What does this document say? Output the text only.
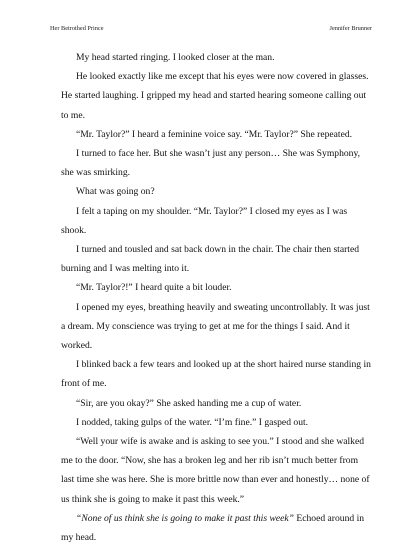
Her Betrothed Prince	Jennifer Brunner

My head started ringing. I looked closer at the man.

He looked exactly like me except that his eyes were now covered in glasses. He started laughing. I gripped my head and started hearing someone calling out to me.

“Mr. Taylor?” I heard a feminine voice say. “Mr. Taylor?” She repeated.

I turned to face her. But she wasn’t just any person… She was Symphony, she was smirking.

What was going on?

I felt a taping on my shoulder. “Mr. Taylor?” I closed my eyes as I was shook.

I turned and tousled and sat back down in the chair. The chair then started burning and I was melting into it.

“Mr. Taylor?!” I heard quite a bit louder.

I opened my eyes, breathing heavily and sweating uncontrollably. It was just a dream. My conscience was trying to get at me for the things I said. And it worked.

I blinked back a few tears and looked up at the short haired nurse standing in front of me.

“Sir, are you okay?” She asked handing me a cup of water.

I nodded, taking gulps of the water. “I’m fine.” I gasped out.

“Well your wife is awake and is asking to see you.” I stood and she walked me to the door. “Now, she has a broken leg and her rib isn’t much better from last time she was here. She is more brittle now than ever and honestly… none of us think she is going to make it past this week.”

“None of us think she is going to make it past this week” Echoed around in my head.
